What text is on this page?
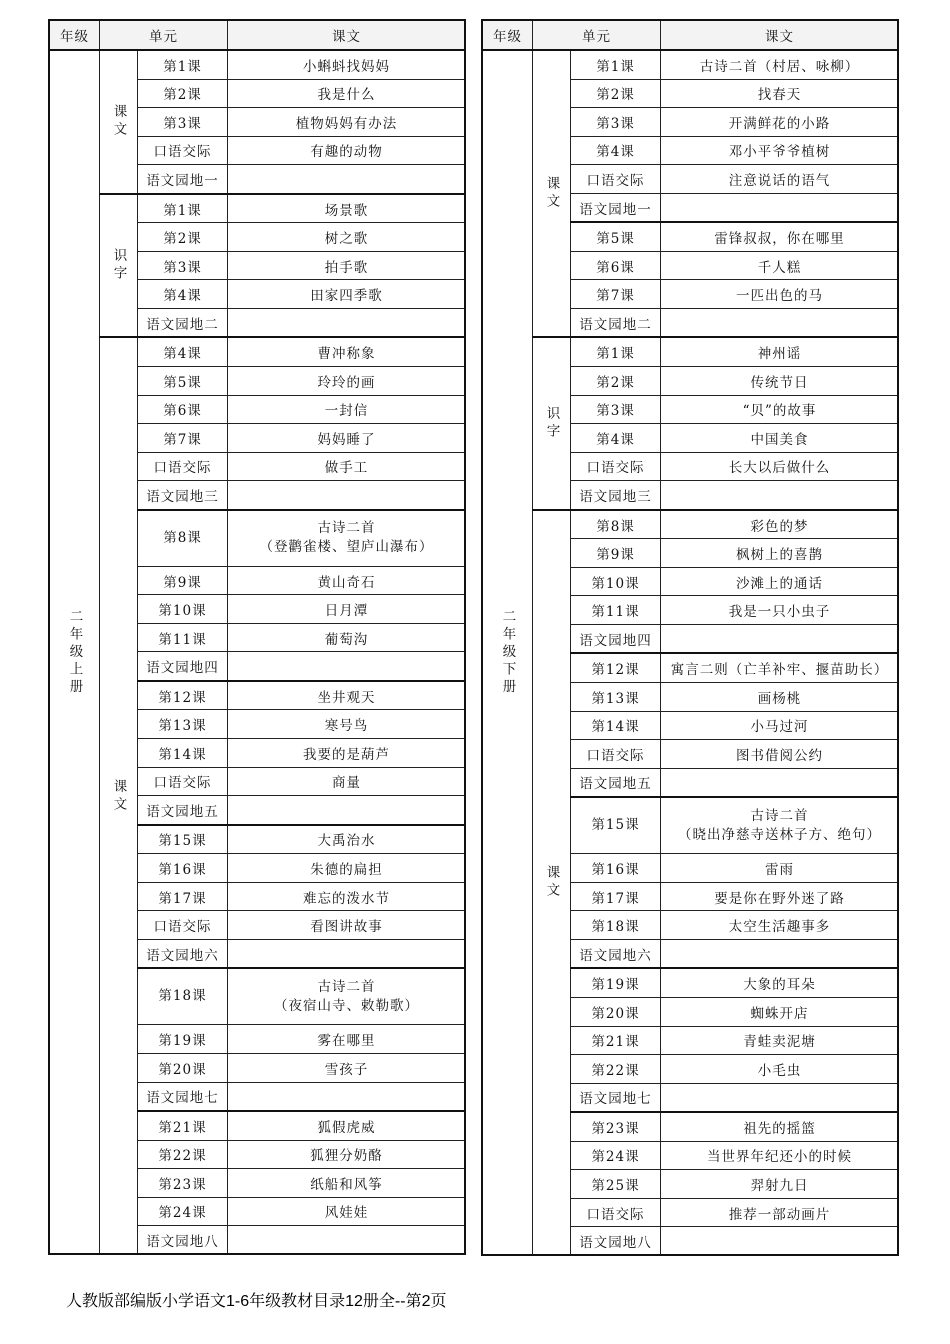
年级	单元		课文
二年级上册	课文	第1课	小蝌蚪找妈妈
		第2课	我是什么
		第3课	植物妈妈有办法
		口语交际	有趣的动物
		语文园地一	
	识字	第1课	场景歌
		第2课	树之歌
		第3课	拍手歌
		第4课	田家四季歌
		语文园地二	
	课文	第4课	曹冲称象
		第5课	玲玲的画
		第6课	一封信
		第7课	妈妈睡了
		口语交际	做手工
		语文园地三	
		第8课	古诗二首
（登鹳雀楼、望庐山瀑布）

		第9课	黄山奇石
		第10课	日月潭
		第11课	葡萄沟
		语文园地四	
		第12课	坐井观天
		第13课	寒号鸟
		第14课	我要的是葫芦
		口语交际	商量
		语文园地五	
		第15课	大禹治水
		第16课	朱德的扁担
		第17课	难忘的泼水节
		口语交际	看图讲故事
		语文园地六	
		第18课	古诗二首
（夜宿山寺、敕勒歌）

		第19课	雾在哪里
		第20课	雪孩子
		语文园地七	
		第21课	狐假虎威
		第22课	狐狸分奶酪
		第23课	纸船和风筝
		第24课	风娃娃
		语文园地八	
年级	单元		课文
二年级下册	课文	第1课	古诗二首（村居、咏柳）
		第2课	找春天
		第3课	开满鲜花的小路
		第4课	邓小平爷爷植树
		口语交际	注意说话的语气
		语文园地一	
		第5课	雷锋叔叔，你在哪里
		第6课	千人糕
		第7课	一匹出色的马
		语文园地二	
	识字	第1课	神州谣
		第2课	传统节日
		第3课	“贝”的故事
		第4课	中国美食
		口语交际	长大以后做什么
		语文园地三	
	课文	第8课	彩色的梦
		第9课	枫树上的喜鹊
		第10课	沙滩上的通话
		第11课	我是一只小虫子
		语文园地四	
		第12课	寓言二则（亡羊补牢、揠苗助长）
		第13课	画杨桃
		第14课	小马过河
		口语交际	图书借阅公约
		语文园地五	
		第15课	古诗二首
（晓出净慈寺送林子方、绝句）

		第16课	雷雨
		第17课	要是你在野外迷了路
		第18课	太空生活趣事多
		语文园地六	
		第19课	大象的耳朵
		第20课	蜘蛛开店
		第21课	青蛙卖泥塘
		第22课	小毛虫
		语文园地七	
		第23课	祖先的摇篮
		第24课	当世界年纪还小的时候
		第25课	羿射九日
		口语交际	推荐一部动画片
		语文园地八	
人教版部编版小学语文1-6年级教材目录12册全--第2页
